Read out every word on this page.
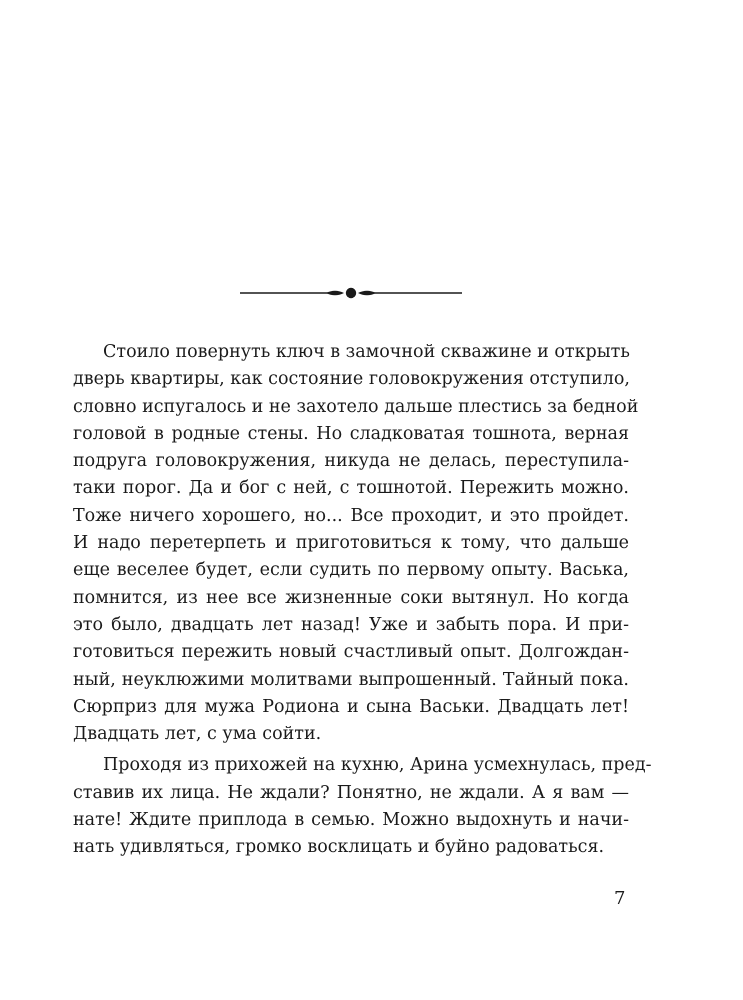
Стоило повернуть ключ в замочной скважине и открыть
дверь квартиры, как состояние головокружения отступило,
словно испугалось и не захотело дальше плестись за бедной
головой в родные стены. Но сладковатая тошнота, верная
подруга головокружения, никуда не делась, переступила-
таки порог. Да и бог с ней, с тошнотой. Пережить можно.
Тоже ничего хорошего, но... Все проходит, и это пройдет.
И надо перетерпеть и приготовиться к тому, что дальше
еще веселее будет, если судить по первому опыту. Васька,
помнится, из нее все жизненные соки вытянул. Но когда
это было, двадцать лет назад! Уже и забыть пора. И при-
готовиться пережить новый счастливый опыт. Долгождан-
ный, неуклюжими молитвами выпрошенный. Тайный пока.
Сюрприз для мужа Родиона и сына Васьки. Двадцать лет!
Двадцать лет, с ума сойти.
Проходя из прихожей на кухню, Арина усмехнулась, пред-
ставив их лица. Не ждали? Понятно, не ждали. А я вам —
нате! Ждите приплода в семью. Можно выдохнуть и начи-
нать удивляться, громко восклицать и буйно радоваться.
7
